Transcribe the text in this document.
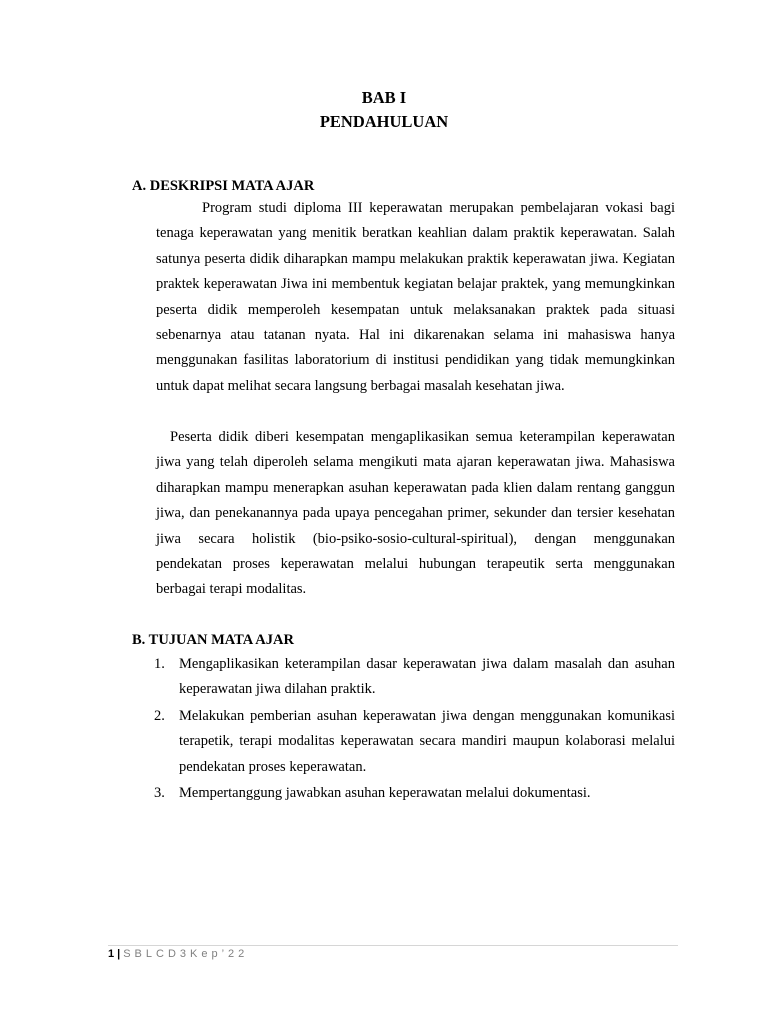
BAB I
PENDAHULUAN
A. DESKRIPSI MATA AJAR

Program studi diploma III keperawatan merupakan pembelajaran vokasi bagi tenaga keperawatan yang menitik beratkan keahlian dalam praktik keperawatan. Salah satunya peserta didik diharapkan mampu melakukan praktik keperawatan jiwa. Kegiatan praktek keperawatan Jiwa ini membentuk kegiatan belajar praktek, yang memungkinkan peserta didik memperoleh kesempatan untuk melaksanakan praktek pada situasi sebenarnya atau tatanan nyata. Hal ini dikarenakan selama ini mahasiswa hanya menggunakan fasilitas laboratorium di institusi pendidikan yang tidak memungkinkan untuk dapat melihat secara langsung berbagai masalah kesehatan jiwa.

Peserta didik diberi kesempatan mengaplikasikan semua keterampilan keperawatan jiwa yang telah diperoleh selama mengikuti mata ajaran keperawatan jiwa. Mahasiswa diharapkan mampu menerapkan asuhan keperawatan pada klien dalam rentang ganggun jiwa, dan penekanannya pada upaya pencegahan primer, sekunder dan tersier kesehatan jiwa secara holistik (bio-psiko-sosio-cultural-spiritual), dengan menggunakan pendekatan proses keperawatan melalui hubungan terapeutik serta menggunakan berbagai terapi modalitas.

B. TUJUAN MATA AJAR
1. Mengaplikasikan keterampilan dasar keperawatan jiwa dalam masalah dan asuhan keperawatan jiwa dilahan praktik.
2. Melakukan pemberian asuhan keperawatan jiwa dengan menggunakan komunikasi terapetik, terapi modalitas keperawatan secara mandiri maupun kolaborasi melalui pendekatan proses keperawatan.
3. Mempertanggung jawabkan asuhan keperawatan melalui dokumentasi.
1 | SBLCD3Kep’22
